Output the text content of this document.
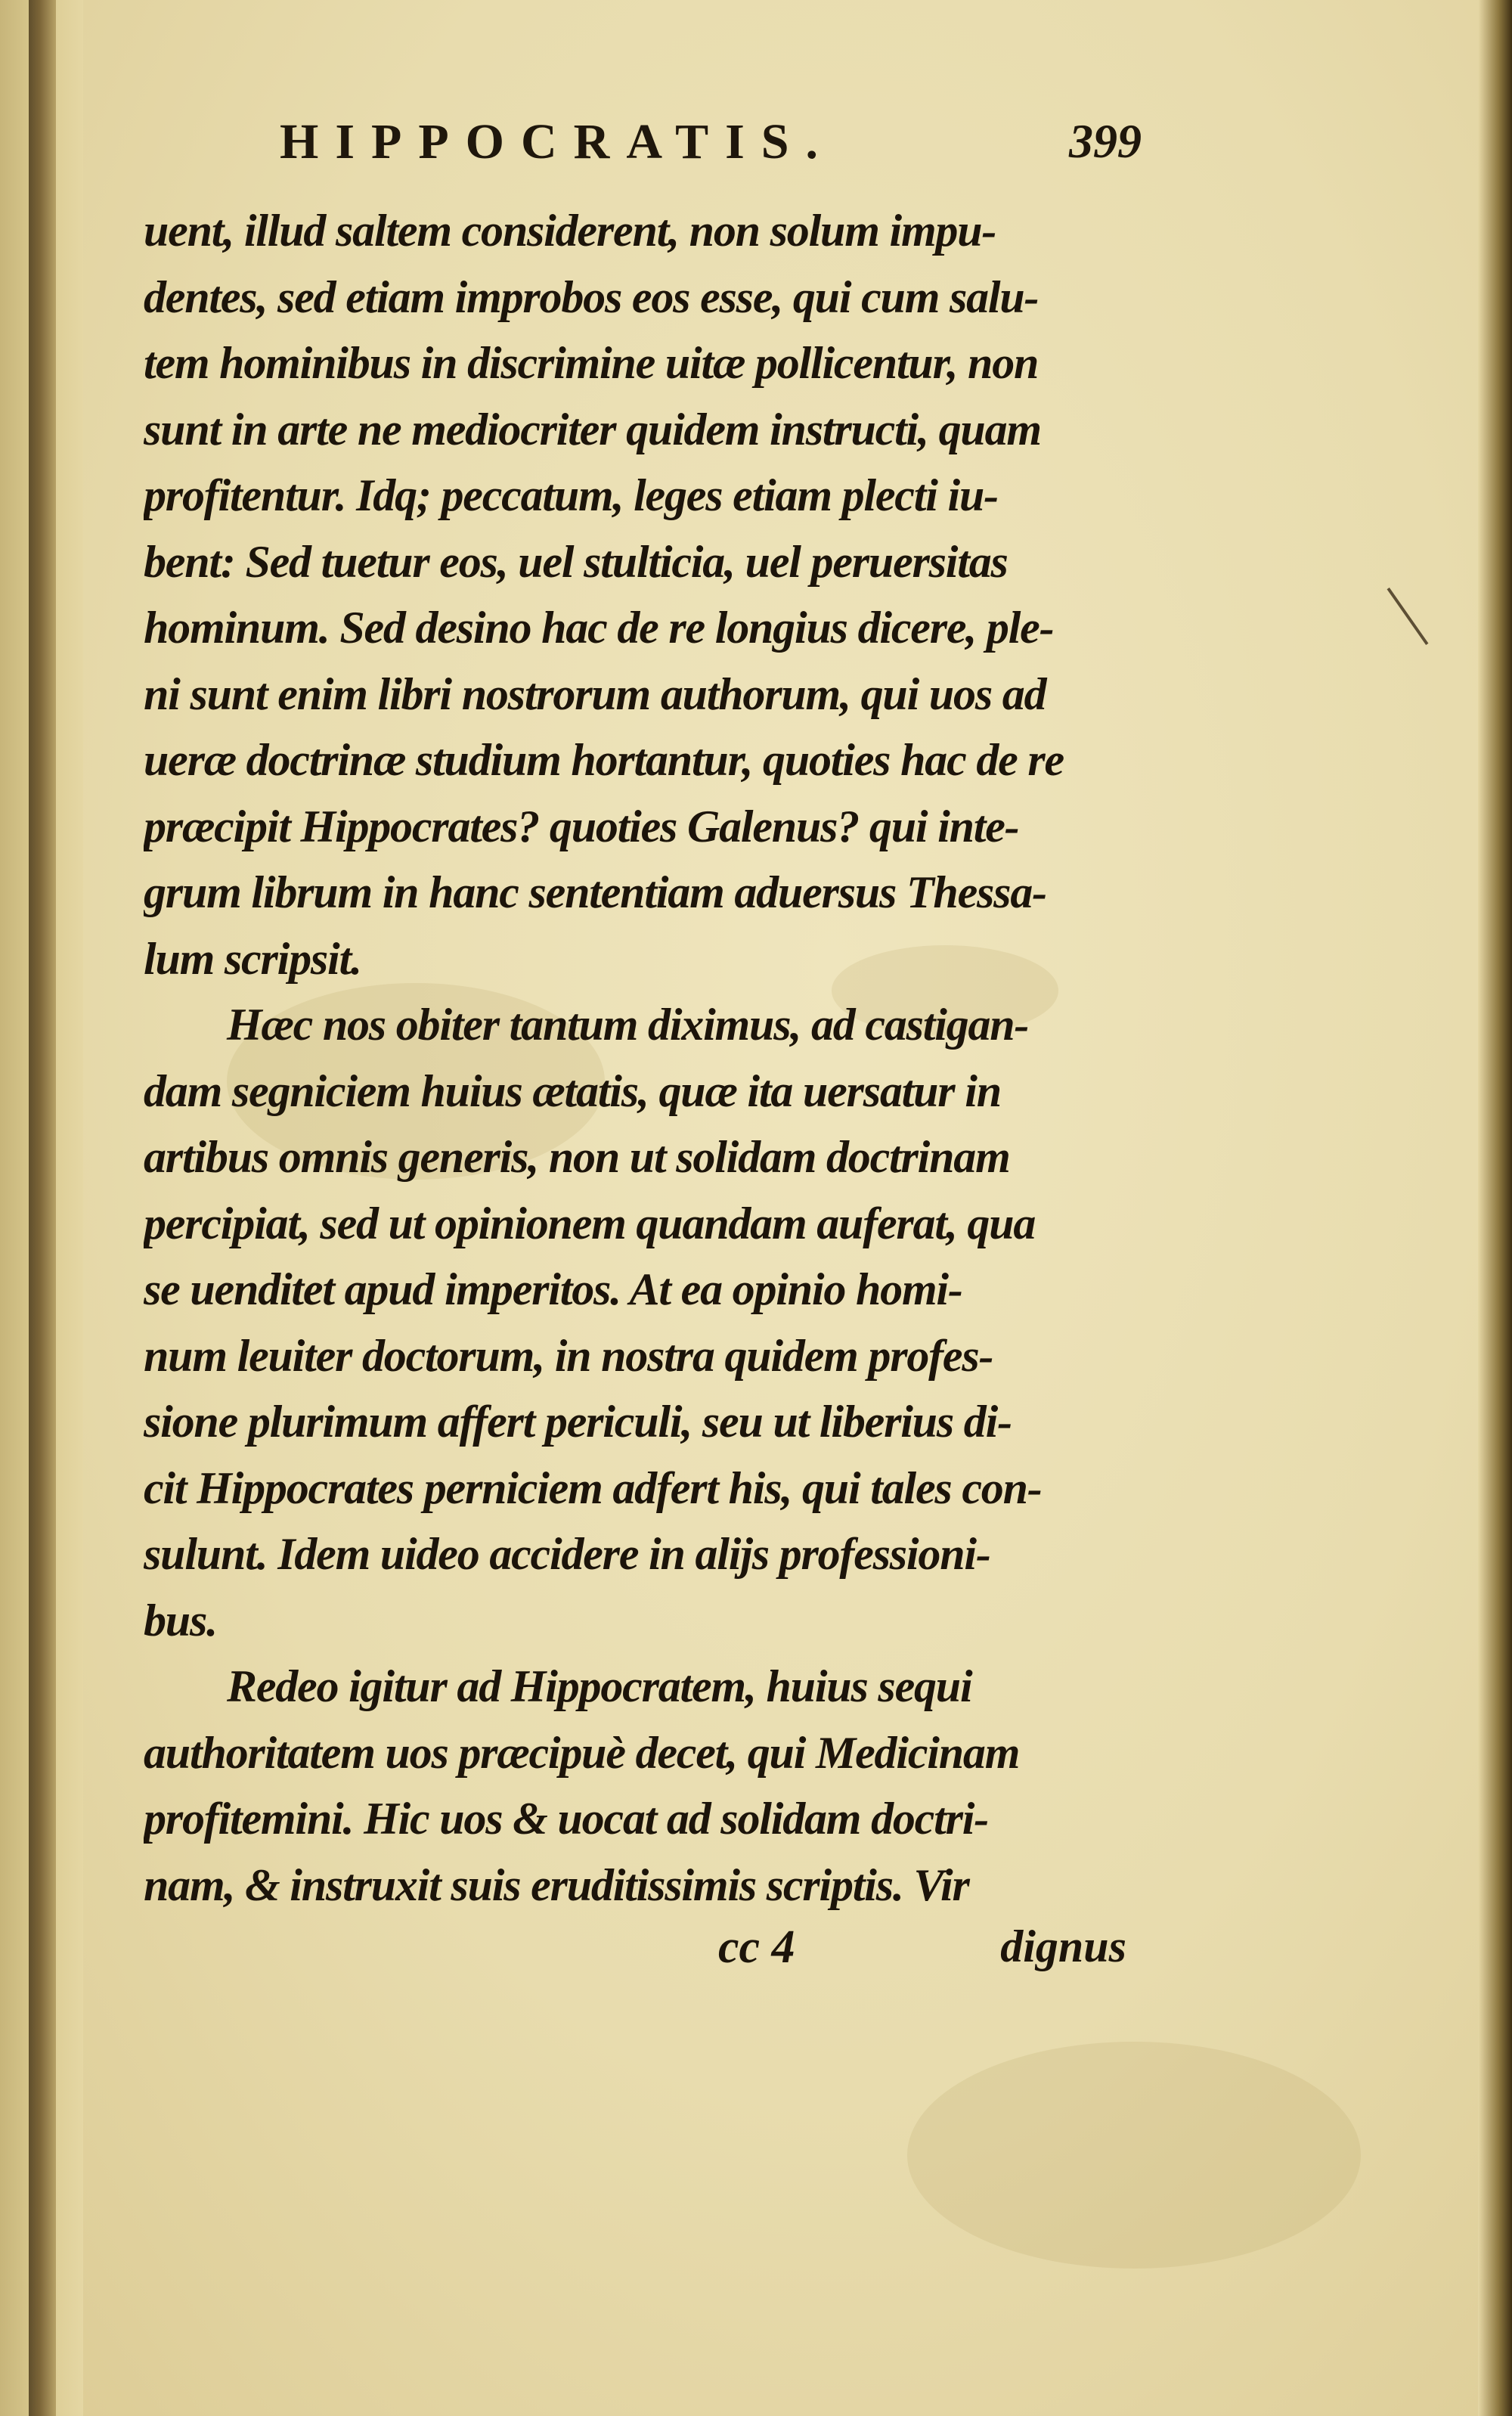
HIPPOCRATIS.	399
uent, illud saltem considerent, non solum impu-
dentes, sed etiam improbos eos esse, qui cum salu-
tem hominibus in discrimine uitæ pollicentur, non
sunt in arte ne mediocriter quidem instructi, quam
profitentur. Idq; peccatum, leges etiam plecti iu-
bent: Sed tuetur eos, uel stulticia, uel peruersitas
hominum. Sed desino hac de re longius dicere, ple-
ni sunt enim libri nostrorum authorum, qui uos ad
ueræ doctrinæ studium hortantur, quoties hac de re
præcipit Hippocrates? quoties Galenus? qui inte-
grum librum in hanc sententiam aduersus Thessa-
lum scripsit.
Hæc nos obiter tantum diximus, ad castigan-
dam segniciem huius ætatis, quæ ita uersatur in
artibus omnis generis, non ut solidam doctrinam
percipiat, sed ut opinionem quandam auferat, qua
se uenditet apud imperitos. At ea opinio homi-
num leuiter doctorum, in nostra quidem profes-
sione plurimum affert periculi, seu ut liberius di-
cit Hippocrates perniciem adfert his, qui tales con-
sulunt. Idem uideo accidere in alijs professioni-
bus.
Redeo igitur ad Hippocratem, huius sequi
authoritatem uos præcipuè decet, qui Medicinam
profitemini. Hic uos & uocat ad solidam doctri-
nam, & instruxit suis eruditissimis scriptis. Vir
cc 4	dignus
